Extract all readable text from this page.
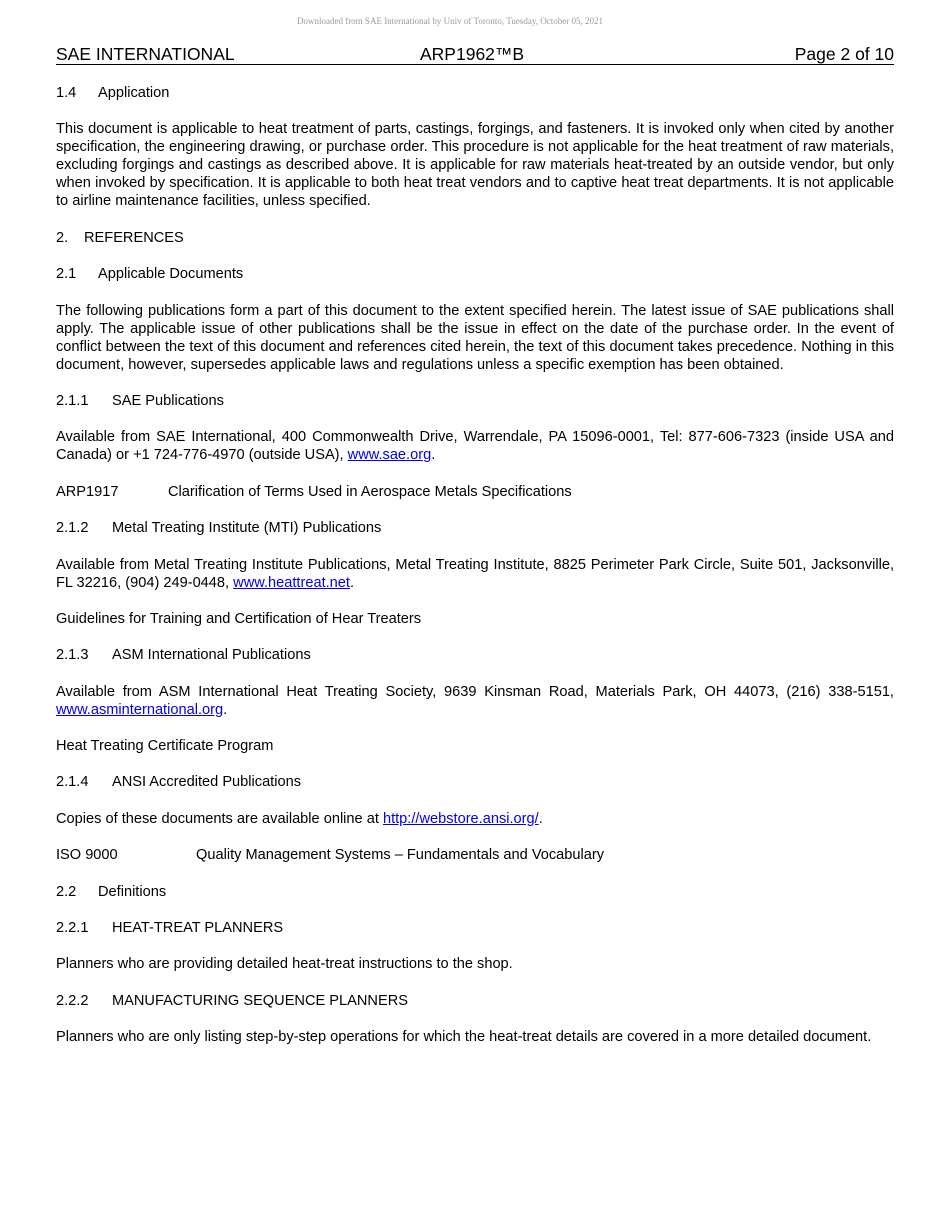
Downloaded from SAE International by Univ of Toronto, Tuesday, October 05, 2021
SAE INTERNATIONAL	ARP1962™B	Page 2 of 10

1.4 Application

This document is applicable to heat treatment of parts, castings, forgings, and fasteners. It is invoked only when cited by another specification, the engineering drawing, or purchase order. This procedure is not applicable for the heat treatment of raw materials, excluding forgings and castings as described above. It is applicable for raw materials heat-treated by an outside vendor, but only when invoked by specification. It is applicable to both heat treat vendors and to captive heat treat departments. It is not applicable to airline maintenance facilities, unless specified.

2. REFERENCES

2.1 Applicable Documents

The following publications form a part of this document to the extent specified herein. The latest issue of SAE publications shall apply. The applicable issue of other publications shall be the issue in effect on the date of the purchase order. In the event of conflict between the text of this document and references cited herein, the text of this document takes precedence. Nothing in this document, however, supersedes applicable laws and regulations unless a specific exemption has been obtained.

2.1.1 SAE Publications

Available from SAE International, 400 Commonwealth Drive, Warrendale, PA 15096-0001, Tel: 877-606-7323 (inside USA and Canada) or +1 724-776-4970 (outside USA), www.sae.org.

ARP1917	Clarification of Terms Used in Aerospace Metals Specifications

2.1.2 Metal Treating Institute (MTI) Publications

Available from Metal Treating Institute Publications, Metal Treating Institute, 8825 Perimeter Park Circle, Suite 501, Jacksonville, FL 32216, (904) 249-0448, www.heattreat.net.

Guidelines for Training and Certification of Hear Treaters

2.1.3 ASM International Publications

Available from ASM International Heat Treating Society, 9639 Kinsman Road, Materials Park, OH 44073, (216) 338-5151, www.asminternational.org.

Heat Treating Certificate Program

2.1.4 ANSI Accredited Publications

Copies of these documents are available online at http://webstore.ansi.org/.

ISO 9000	Quality Management Systems – Fundamentals and Vocabulary

2.2 Definitions

2.2.1 HEAT-TREAT PLANNERS

Planners who are providing detailed heat-treat instructions to the shop.

2.2.2 MANUFACTURING SEQUENCE PLANNERS

Planners who are only listing step-by-step operations for which the heat-treat details are covered in a more detailed document.
